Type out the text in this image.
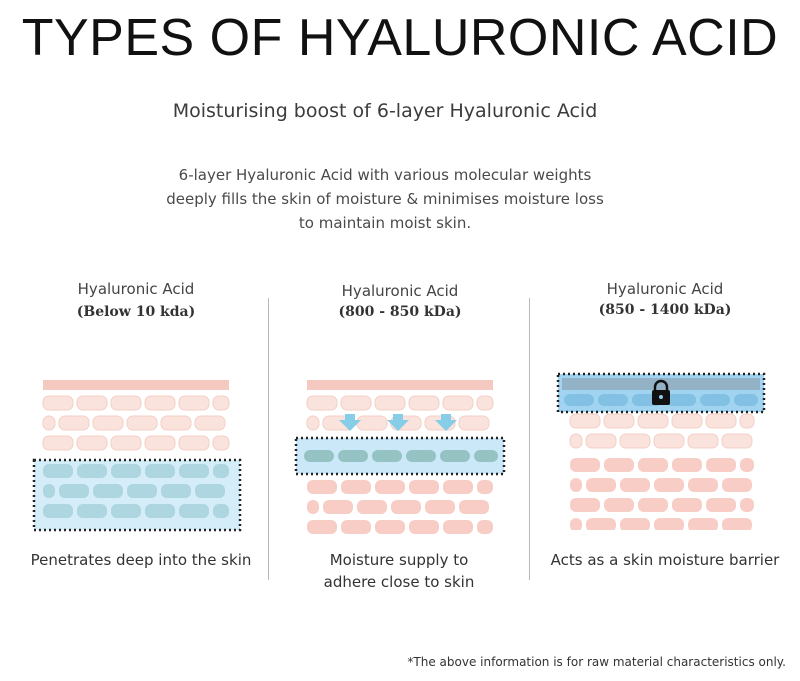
TYPES OF HYALURONIC ACID
Moisturising boost of 6-layer Hyaluronic Acid
6-layer Hyaluronic Acid with various molecular weights
deeply fills the skin of moisture & minimises moisture loss
to maintain moist skin.
Hyaluronic Acid
(Below 10 kda)
Penetrates deep into the skin
Hyaluronic Acid
(800 - 850 kDa)
Moisture supply to
adhere close to skin
Hyaluronic Acid
(850 - 1400 kDa)
Acts as a skin moisture barrier
*The above information is for raw material characteristics only.
